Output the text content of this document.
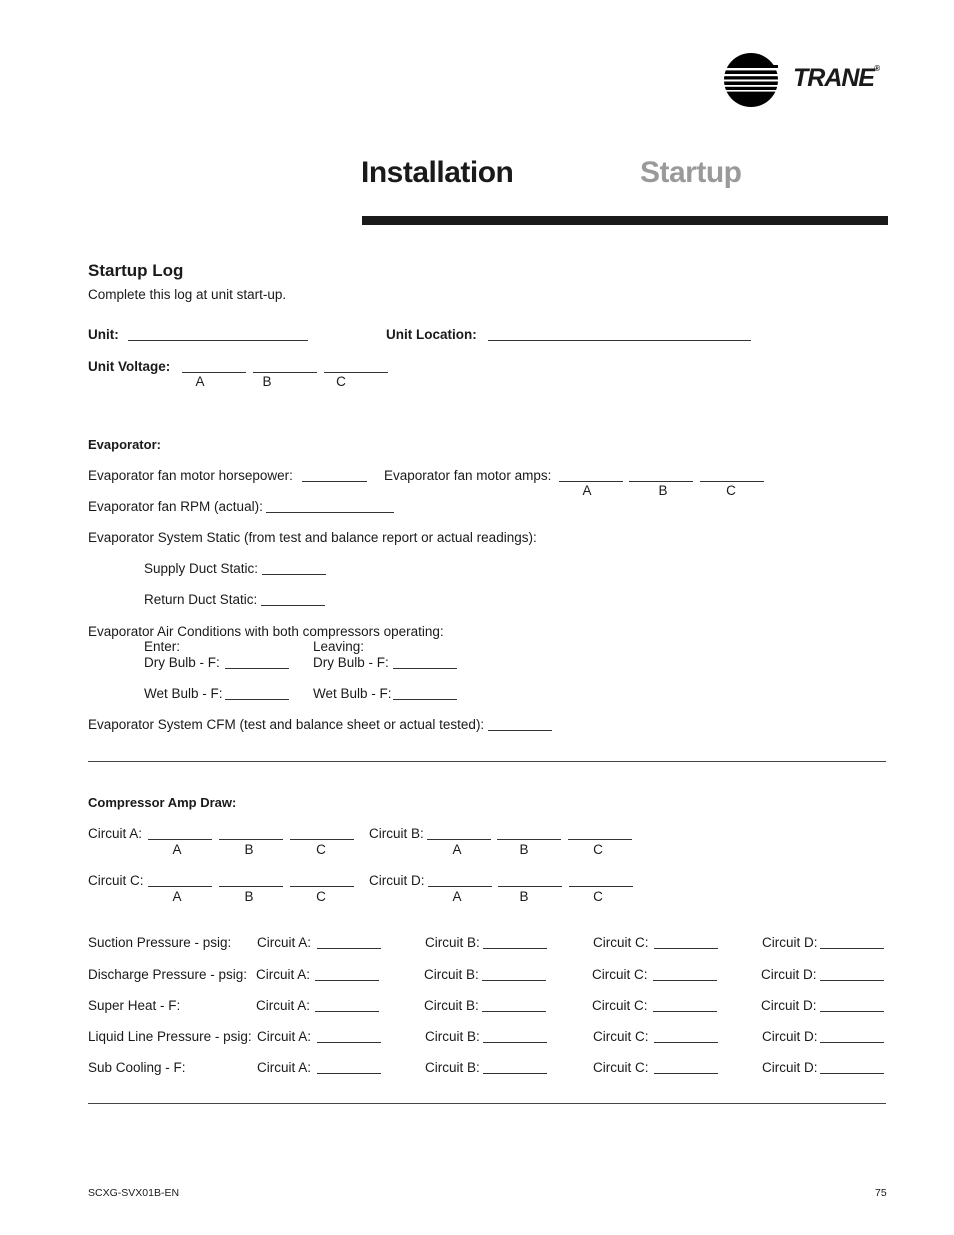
TRANE®
Installation	Startup
Startup Log
Complete this log at unit start-up.
Unit:	Unit Location:
Unit Voltage:
A	B	C
Evaporator:
Evaporator fan motor horsepower:	Evaporator fan motor amps:
A	B	C
Evaporator fan RPM (actual):
Evaporator System Static (from test and balance report or actual readings):
Supply Duct Static:
Return Duct Static:
Evaporator Air Conditions with both compressors operating:
Enter:	Leaving:
Dry Bulb - F:	Dry Bulb - F:
Wet Bulb - F:	Wet Bulb - F:
Evaporator System CFM (test and balance sheet or actual tested):
Compressor Amp Draw:
Circuit A:
A	B	C
Circuit B:
A	B	C
Circuit C:
A	B	C
Circuit D:
A	B	C
Suction Pressure - psig: Circuit A:	Circuit B:	Circuit C:	Circuit D:
Discharge Pressure - psig: Circuit A:	Circuit B:	Circuit C:	Circuit D:
Super Heat - F:	Circuit A:	Circuit B:	Circuit C:	Circuit D:
Liquid Line Pressure - psig: Circuit A:	Circuit B:	Circuit C:	Circuit D:
Sub Cooling - F:	Circuit A:	Circuit B:	Circuit C:	Circuit D:
SCXG-SVX01B-EN	75
